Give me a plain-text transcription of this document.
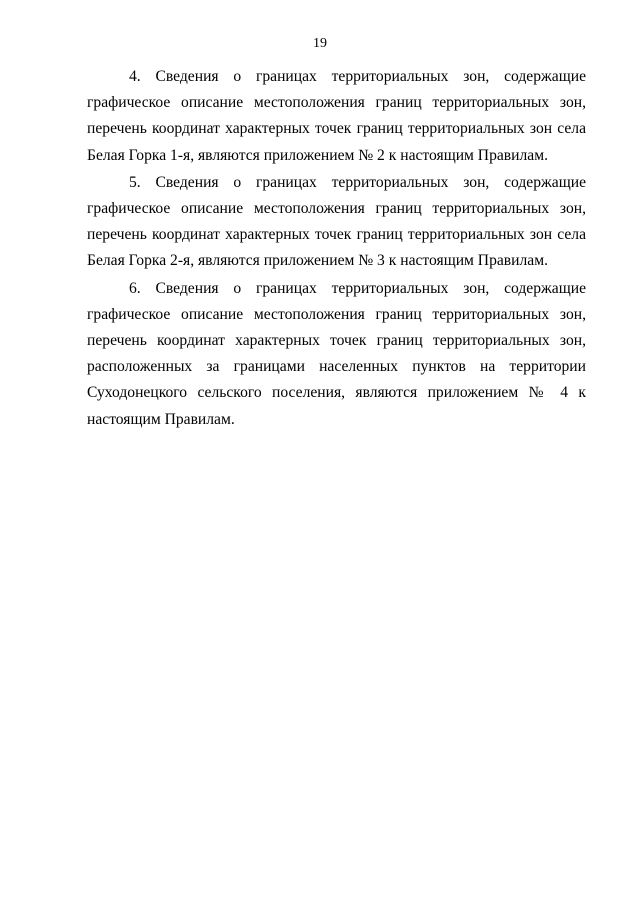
19

4. Сведения о границах территориальных зон, содержащие графическое описание местоположения границ территориальных зон, перечень координат характерных точек границ территориальных зон села Белая Горка 1-я, являются приложением № 2 к настоящим Правилам.

5. Сведения о границах территориальных зон, содержащие графическое описание местоположения границ территориальных зон, перечень координат характерных точек границ территориальных зон села Белая Горка 2-я, являются приложением № 3 к настоящим Правилам.

6. Сведения о границах территориальных зон, содержащие графическое описание местоположения границ территориальных зон, перечень координат характерных точек границ территориальных зон, расположенных за границами населенных пунктов на территории Суходонецкого сельского поселения, являются приложением № 4 к настоящим Правилам.
